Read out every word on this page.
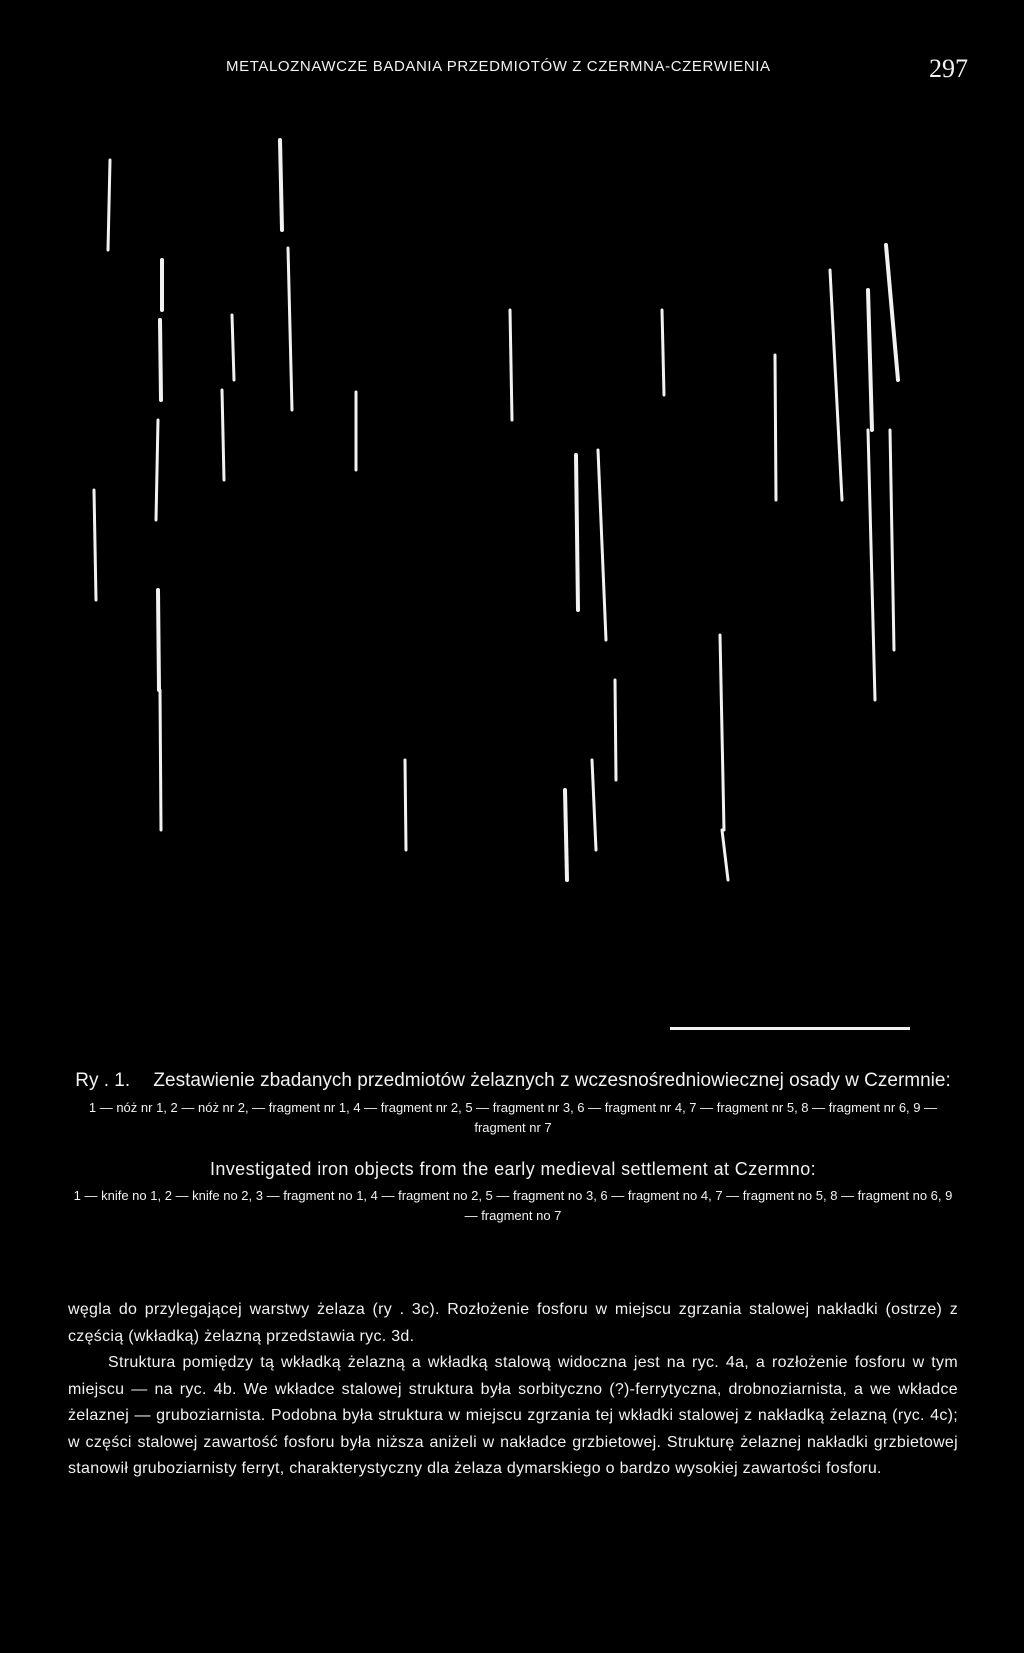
METALOZNAWCZE BADANIA PRZEDMIOTÓW Z CZERMNA-CZERWIENIA	297
Ry . 1. Zestawienie zbadanych przedmiotów żelaznych z wczesnośredniowiecznej osady w Czermnie:
1 — nóż nr 1, 2 — nóż nr 2, — fragment nr 1, 4 — fragment nr 2, 5 — fragment nr 3, 6 — fragment nr 4, 7 — fragment nr 5, 8 — fragment nr 6, 9 — fragment nr 7
Investigated iron objects from the early medieval settlement at Czermno:
1 — knife no 1, 2 — knife no 2, 3 — fragment no 1, 4 — fragment no 2, 5 — fragment no 3, 6 — fragment no 4, 7 — fragment no 5, 8 — fragment no 6, 9 — fragment no 7

węgla do przylegającej warstwy żelaza (ry . 3c). Rozłożenie fosforu w miejscu zgrzania stalowej nakładki (ostrze) z częścią (wkładką) żelazną przedstawia ryc. 3d.

Struktura pomiędzy tą wkładką żelazną a wkładką stalową widoczna jest na ryc. 4a, a rozłożenie fosforu w tym miejscu — na ryc. 4b. We wkładce stalowej struktura była sorbityczno (?)-ferrytyczna, drobnoziarnista, a we wkładce żelaznej — gruboziarnista. Podobna była struktura w miejscu zgrzania tej wkładki stalowej z nakładką żelazną (ryc. 4c); w części stalowej zawartość fosforu była niższa aniżeli w nakładce grzbietowej. Strukturę żelaznej nakładki grzbietowej stanowił gruboziarnisty ferryt, charakterystyczny dla żelaza dymarskiego o bardzo wysokiej zawartości fosforu.
